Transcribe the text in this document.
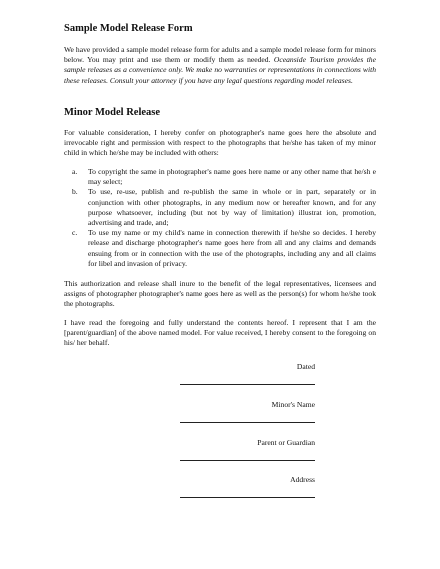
Sample Model Release Form

We have provided a sample model release form for adults and a sample model release form for minors below. You may print and use them or modify them as needed. Oceanside Tourism provides the sample releases as a convenience only. We make no warranties or representations in connections with these releases. Consult your attorney if you have any legal questions regarding model releases.

Minor Model Release

For valuable consideration, I hereby confer on photographer's name goes here the absolute and irrevocable right and permission with respect to the photographs that he/she has taken of my minor child in which he/she may be included with others:

a. To copyright the same in photographer's name goes here name or any other name that he/sh e may select;
b. To use, re-use, publish and re-publish the same in whole or in part, separately or in conjunction with other photographs, in any medium now or hereafter known, and for any purpose whatsoever, including (but not by way of limitation) illustrat ion, promotion, advertising and trade, and;
c. To use my name or my child's name in connection therewith if he/she so decides. I hereby release and discharge photographer's name goes here from all and any claims and demands ensuing from or in connection with the use of the photographs, including any and all claims for libel and invasion of privacy.

This authorization and release shall inure to the benefit of the legal representatives, licensees and assigns of photographer photographer's name goes here as well as the person(s) for whom he/she took the photographs.

I have read the foregoing and fully understand the contents hereof. I represent that I am the [parent/guardian] of the above named model. For value received, I hereby consent to the foregoing on his/ her behalf.

Dated
Minor's Name
Parent or Guardian
Address
